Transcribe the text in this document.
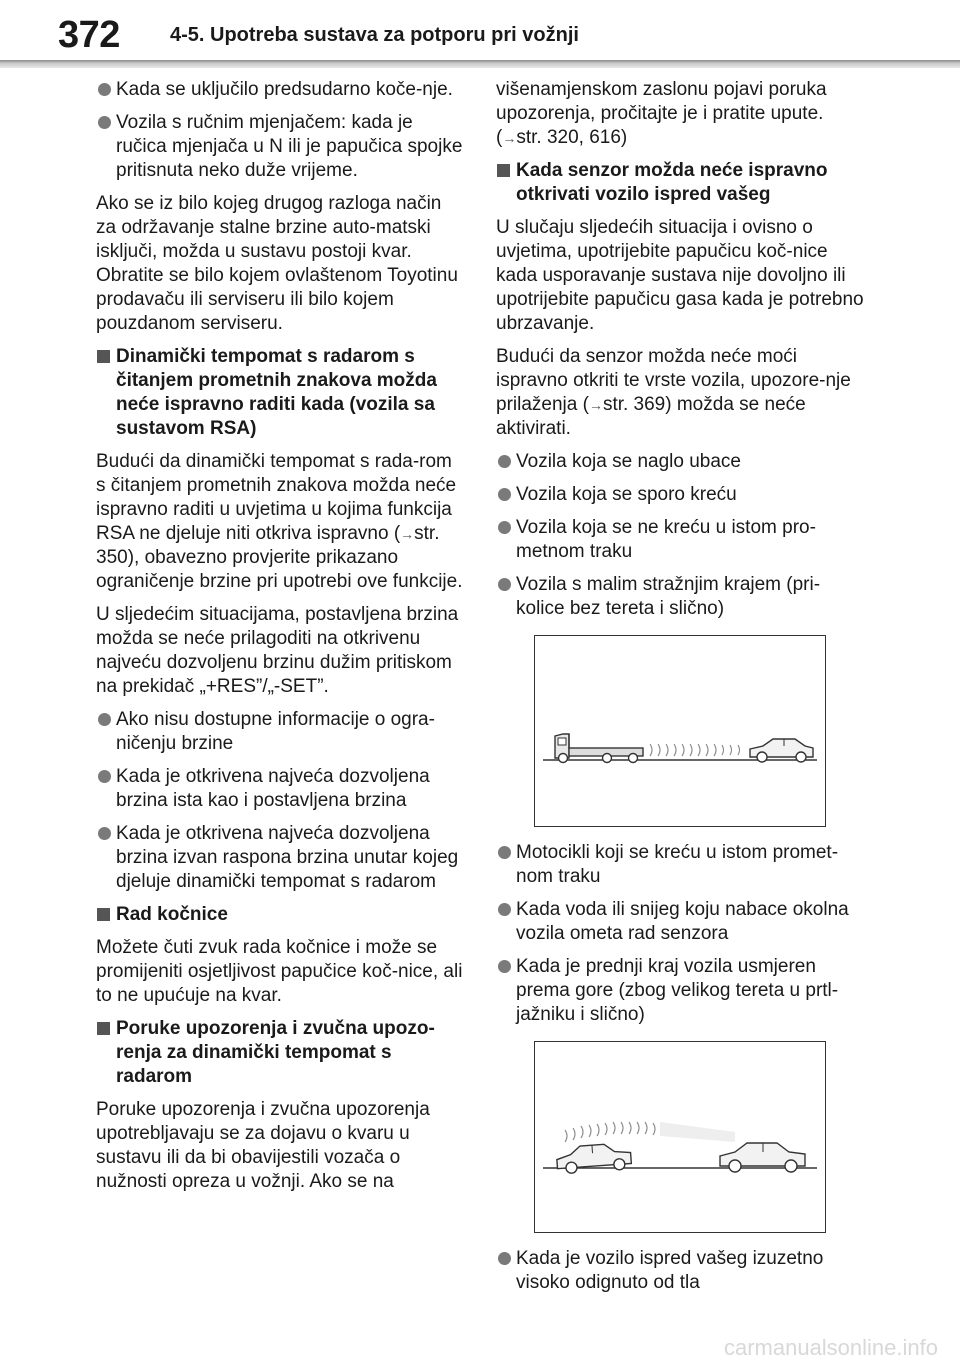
372	4-5. Upotreba sustava za potporu pri vožnji

Kada se uključilo predsudarno koče-nje.

Vozila s ručnim mjenjačem: kada je ručica mjenjača u N ili je papučica spojke pritisnuta neko duže vrijeme.

Ako se iz bilo kojeg drugog razloga način za održavanje stalne brzine auto-matski isključi, možda u sustavu postoji kvar. Obratite se bilo kojem ovlaštenom Toyotinu prodavaču ili serviseru ili bilo kojem pouzdanom serviseru.

Dinamički tempomat s radarom s čitanjem prometnih znakova možda neće ispravno raditi kada (vozila sa sustavom RSA)

Budući da dinamički tempomat s rada-rom s čitanjem prometnih znakova možda neće ispravno raditi u uvjetima u kojima funkcija RSA ne djeluje niti otkriva ispravno (→str. 350), obavezno provjerite prikazano ograničenje brzine pri upotrebi ove funkcije.

U sljedećim situacijama, postavljena brzina možda se neće prilagoditi na otkrivenu najveću dozvoljenu brzinu dužim pritiskom na prekidač „+RES”/„-SET”.

Ako nisu dostupne informacije o ogra-ničenju brzine

Kada je otkrivena najveća dozvoljena brzina ista kao i postavljena brzina

Kada je otkrivena najveća dozvoljena brzina izvan raspona brzina unutar kojeg djeluje dinamički tempomat s radarom

Rad kočnice

Možete čuti zvuk rada kočnice i može se promijeniti osjetljivost papučice koč-nice, ali to ne upućuje na kvar.

Poruke upozorenja i zvučna upozo-renja za dinamički tempomat s radarom

Poruke upozorenja i zvučna upozorenja upotrebljavaju se za dojavu o kvaru u sustavu ili da bi obavijestili vozača o nužnosti opreza u vožnji. Ako se na

višenamjenskom zaslonu pojavi poruka upozorenja, pročitajte je i pratite upute. (→str. 320, 616)

Kada senzor možda neće ispravno otkrivati vozilo ispred vašeg

U slučaju sljedećih situacija i ovisno o uvjetima, upotrijebite papučicu koč-nice kada usporavanje sustava nije dovoljno ili upotrijebite papučicu gasa kada je potrebno ubrzavanje.

Budući da senzor možda neće moći ispravno otkriti te vrste vozila, upozore-nje prilaženja (→str. 369) možda se neće aktivirati.

Vozila koja se naglo ubace

Vozila koja se sporo kreću

Vozila koja se ne kreću u istom pro-metnom traku

Vozila s malim stražnjim krajem (pri-kolice bez tereta i slično)

Motocikli koji se kreću u istom promet-nom traku

Kada voda ili snijeg koju nabace okolna vozila ometa rad senzora

Kada je prednji kraj vozila usmjeren prema gore (zbog velikog tereta u prtl-jažniku i slično)

Kada je vozilo ispred vašeg izuzetno visoko odignuto od tla

carmanualsonline.info
